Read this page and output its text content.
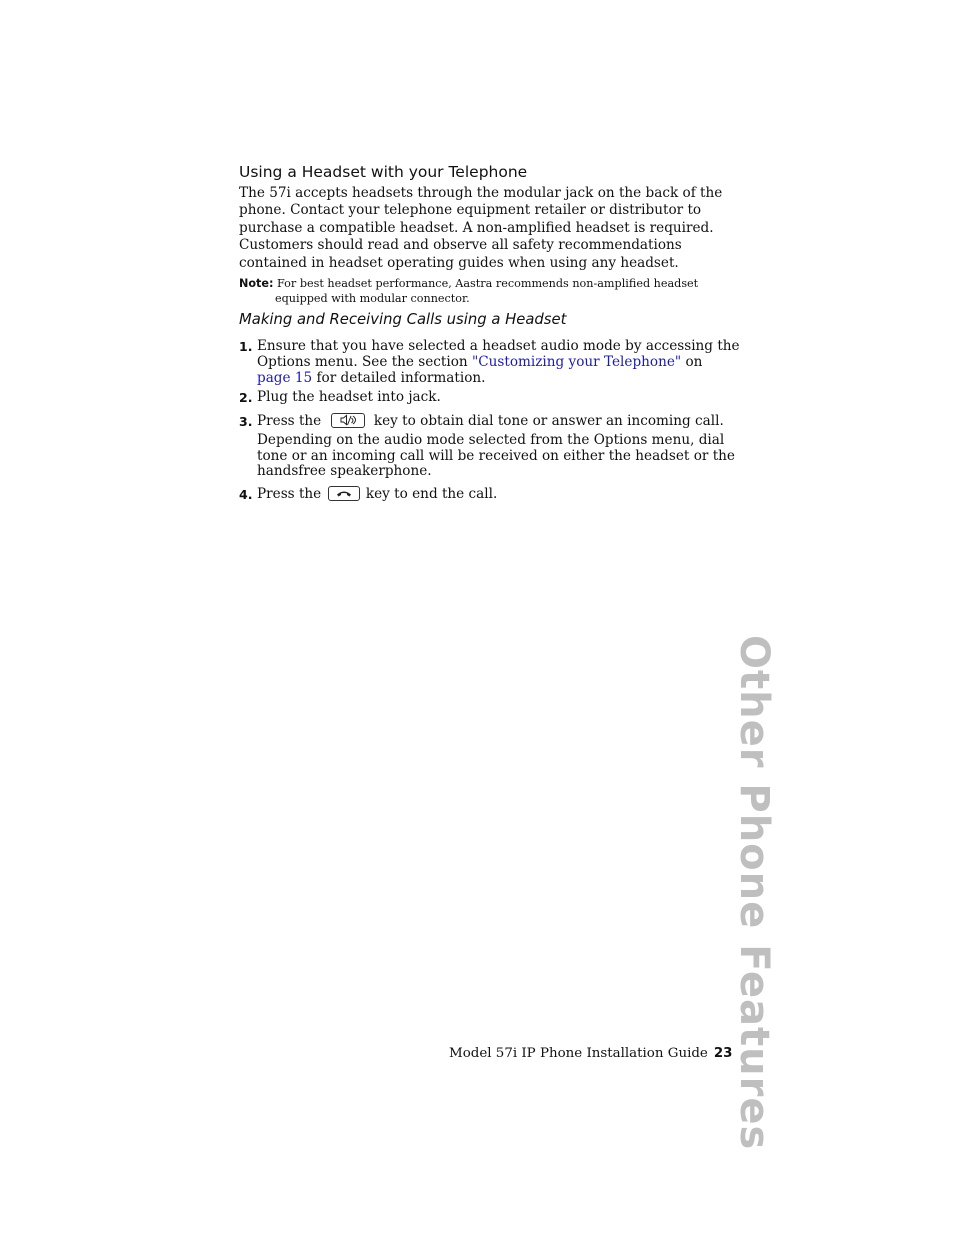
Using a Headset with your Telephone
The 57i accepts headsets through the modular jack on the back of the
phone. Contact your telephone equipment retailer or distributor to
purchase a compatible headset. A non-amplified headset is required.
Customers should read and observe all safety recommendations
contained in headset operating guides when using any headset.
Note: For best headset performance, Aastra recommends non-amplified headset
equipped with modular connector.
Making and Receiving Calls using a Headset
1. Ensure that you have selected a headset audio mode by accessing the
Options menu. See the section "Customizing your Telephone" on
page 15 for detailed information.
2. Plug the headset into jack.
3. Press the	key to obtain dial tone or answer an incoming call.
Depending on the audio mode selected from the Options menu, dial
tone or an incoming call will be received on either the headset or the
handsfree speakerphone.
4. Press the	key to end the call.
Other Phone Features
Model 57i IP Phone Installation Guide 23
